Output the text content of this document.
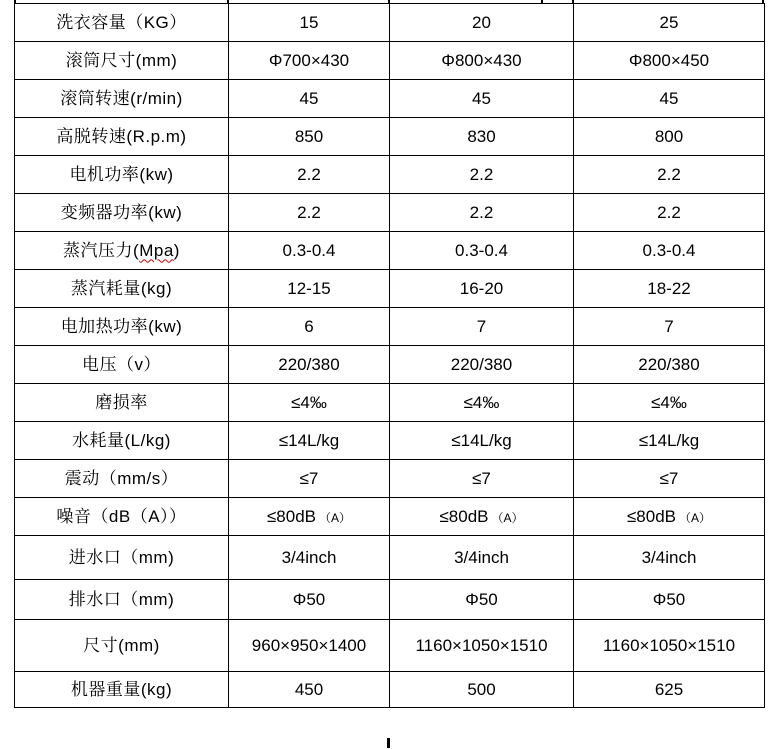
洗衣容量（KG）	15	20	25
滚筒尺寸(mm)	Φ700×430	Φ800×430	Φ800×450
滚筒转速(r/min)	45	45	45
高脱转速(R.p.m)	850	830	800
电机功率(kw)	2.2	2.2	2.2
变频器功率(kw)	2.2	2.2	2.2
蒸汽压力(Mpa)	0.3-0.4	0.3-0.4	0.3-0.4
蒸汽耗量(kg)	12-15	16-20	18-22
电加热功率(kw)	6	7	7
电压（v）	220/380	220/380	220/380
磨损率	≤4‰	≤4‰	≤4‰
水耗量(L/kg)	≤14L/kg	≤14L/kg	≤14L/kg
震动（mm/s）	≤7	≤7	≤7
噪音（dB（A））	≤80dB （A）	≤80dB （A）	≤80dB （A）
进水口（mm)	3/4inch	3/4inch	3/4inch
排水口（mm)	Φ50	Φ50	Φ50
尺寸(mm)	960×950×1400	1160×1050×1510	1160×1050×1510
机器重量(kg)	450	500	625
